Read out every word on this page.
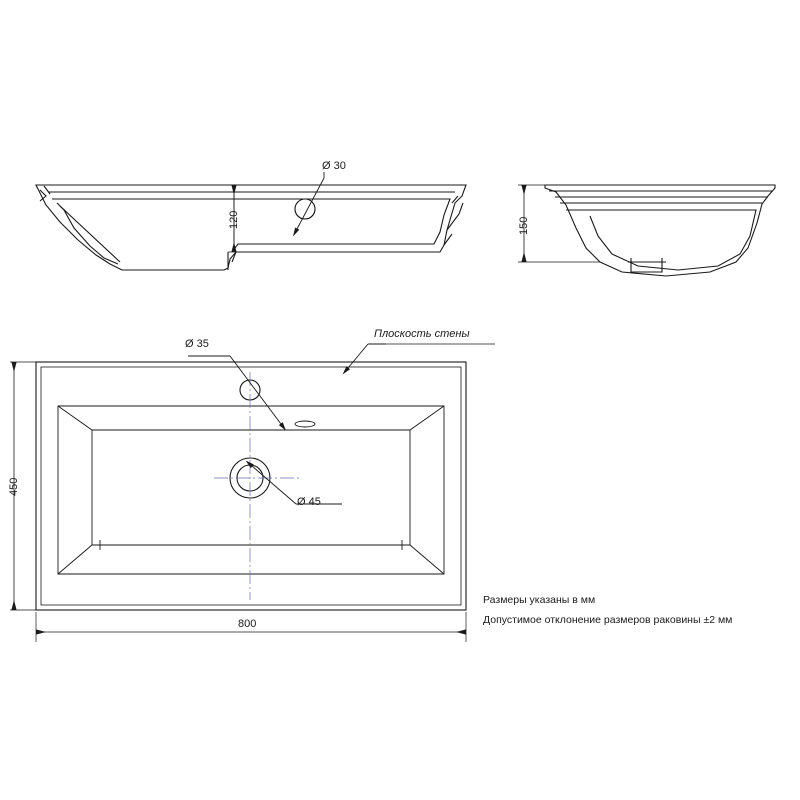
Ø 30
120	150
Ø 35
Ø 45
Плоскость стены
800
450
Размеры указаны в мм
Допустимое отклонение размеров раковины ±2 мм
